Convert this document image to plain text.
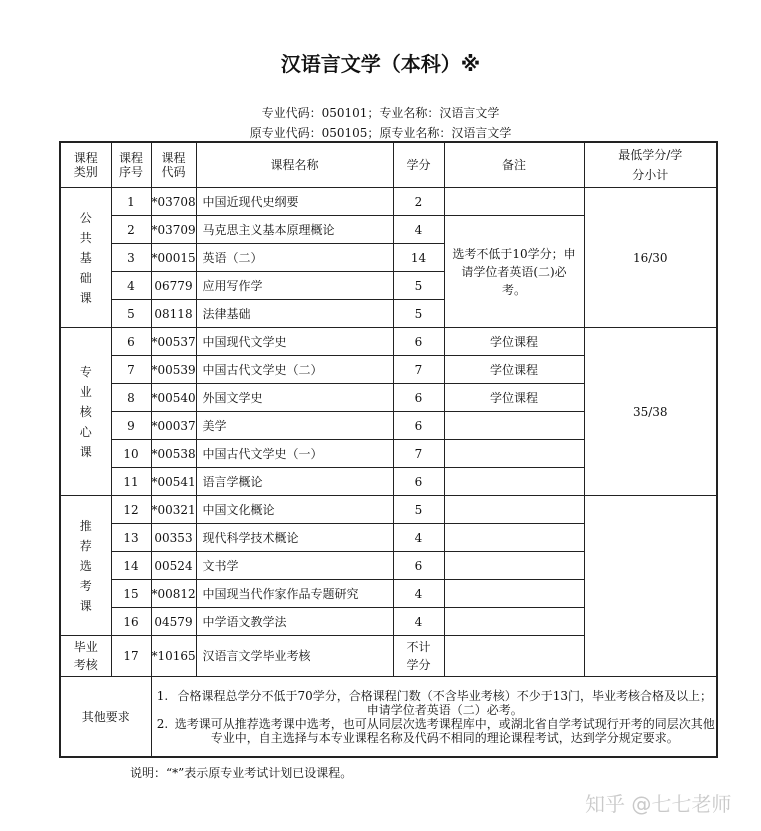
汉语言文学（本科）※
专业代码：050101；专业名称：汉语言文学
原专业代码：050105；原专业名称：汉语言文学
课程类别	课程序号	课程代码	课程名称	学分	备注	最低学分/学分小计
公共基础课	1	*03708	中国近现代史纲要	2		16/30
	2	*03709	马克思主义基本原理概论	4	选考不低于10学分；申请学位者英语(二)必考。	
	3	*00015	英语（二）	14		
	4	06779	应用写作学	5		
	5	08118	法律基础	5		
专业核心课	6	*00537	中国现代文学史	6	学位课程	35/38
	7	*00539	中国古代文学史（二）	7	学位课程	
	8	*00540	外国文学史	6	学位课程	
	9	*00037	美学	6		
	10	*00538	中国古代文学史（一）	7		
	11	*00541	语言学概论	6		
推荐选考课	12	*00321	中国文化概论	5		
	13	00353	现代科学技术概论	4		
	14	00524	文书学	6		
	15	*00812	中国现当代作家作品专题研究	4		
	16	04579	中学语文教学法	4		
毕业考核	17	*10165	汉语言文学毕业考核	不计学分		
其他要求		1. 合格课程总学分不低于70学分，合格课程门数（不含毕业考核）不少于13门，毕业考核合格及以上；申请学位者英语（二）必考。
2. 选考课可从推荐选考课中选考，也可从同层次选考课程库中，或湖北省自学考试现行开考的同层次其他专业中，自主选择与本专业课程名称及代码不相同的理论课程考试，达到学分规定要求。				
说明：“*”表示原专业考试计划已设课程。
知乎 @七七老师
